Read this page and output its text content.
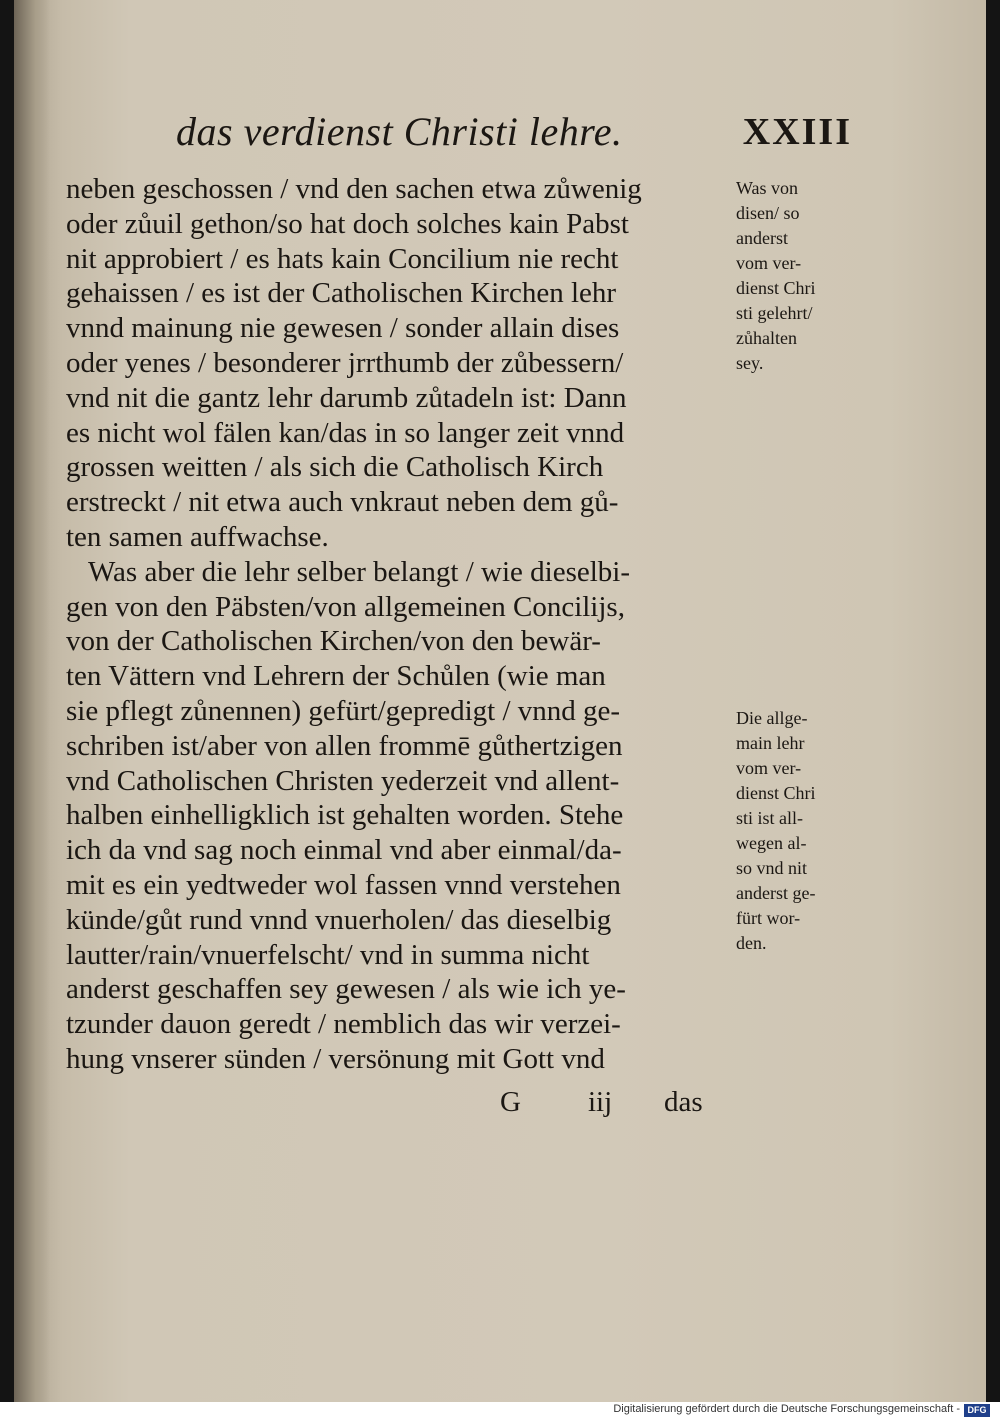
das verdienst Christi lehre.	XXIII
neben geschossen / vnd den sachen etwa zůwenig
oder zůuil gethon/so hat doch solches kain Pabst
nit approbiert / es hats kain Concilium nie recht
gehaissen / es ist der Catholischen Kirchen lehr
vnnd mainung nie gewesen / sonder allain dises
oder yenes / besonderer jrrthumb der zůbessern/
vnd nit die gantz lehr darumb zůtadeln ist: Dann
es nicht wol fälen kan/das in so langer zeit vnnd
grossen weitten / als sich die Catholisch Kirch
erstreckt / nit etwa auch vnkraut neben dem gů-
ten samen auffwachse.
Was aber die lehr selber belangt / wie dieselbi-
gen von den Päbsten/von allgemeinen Concilijs,
von der Catholischen Kirchen/von den bewär-
ten Vättern vnd Lehrern der Schůlen (wie man
sie pflegt zůnennen) gefürt/gepredigt / vnnd ge-
schriben ist/aber von allen frommē gůthertzigen
vnd Catholischen Christen yederzeit vnd allent-
halben einhelligklich ist gehalten worden. Stehe
ich da vnd sag noch einmal vnd aber einmal/da-
mit es ein yedtweder wol fassen vnnd verstehen
künde/gůt rund vnnd vnuerholen/ das dieselbig
lautter/rain/vnuerfelscht/ vnd in summa nicht
anderst geschaffen sey gewesen / als wie ich ye-
tzunder dauon geredt / nemblich das wir verzei-
hung vnserer sünden / versönung mit Gott vnd
Was von
disen/ so
anderst
vom ver-
dienst Chri
sti gelehrt/
zůhalten
sey.
Die allge-
main lehr
vom ver-
dienst Chri
sti ist all-
wegen al-
so vnd nit
anderst ge-
fürt wor-
den.
G iij das
Digitalisierung gefördert durch die Deutsche Forschungsgemeinschaft - DFG
